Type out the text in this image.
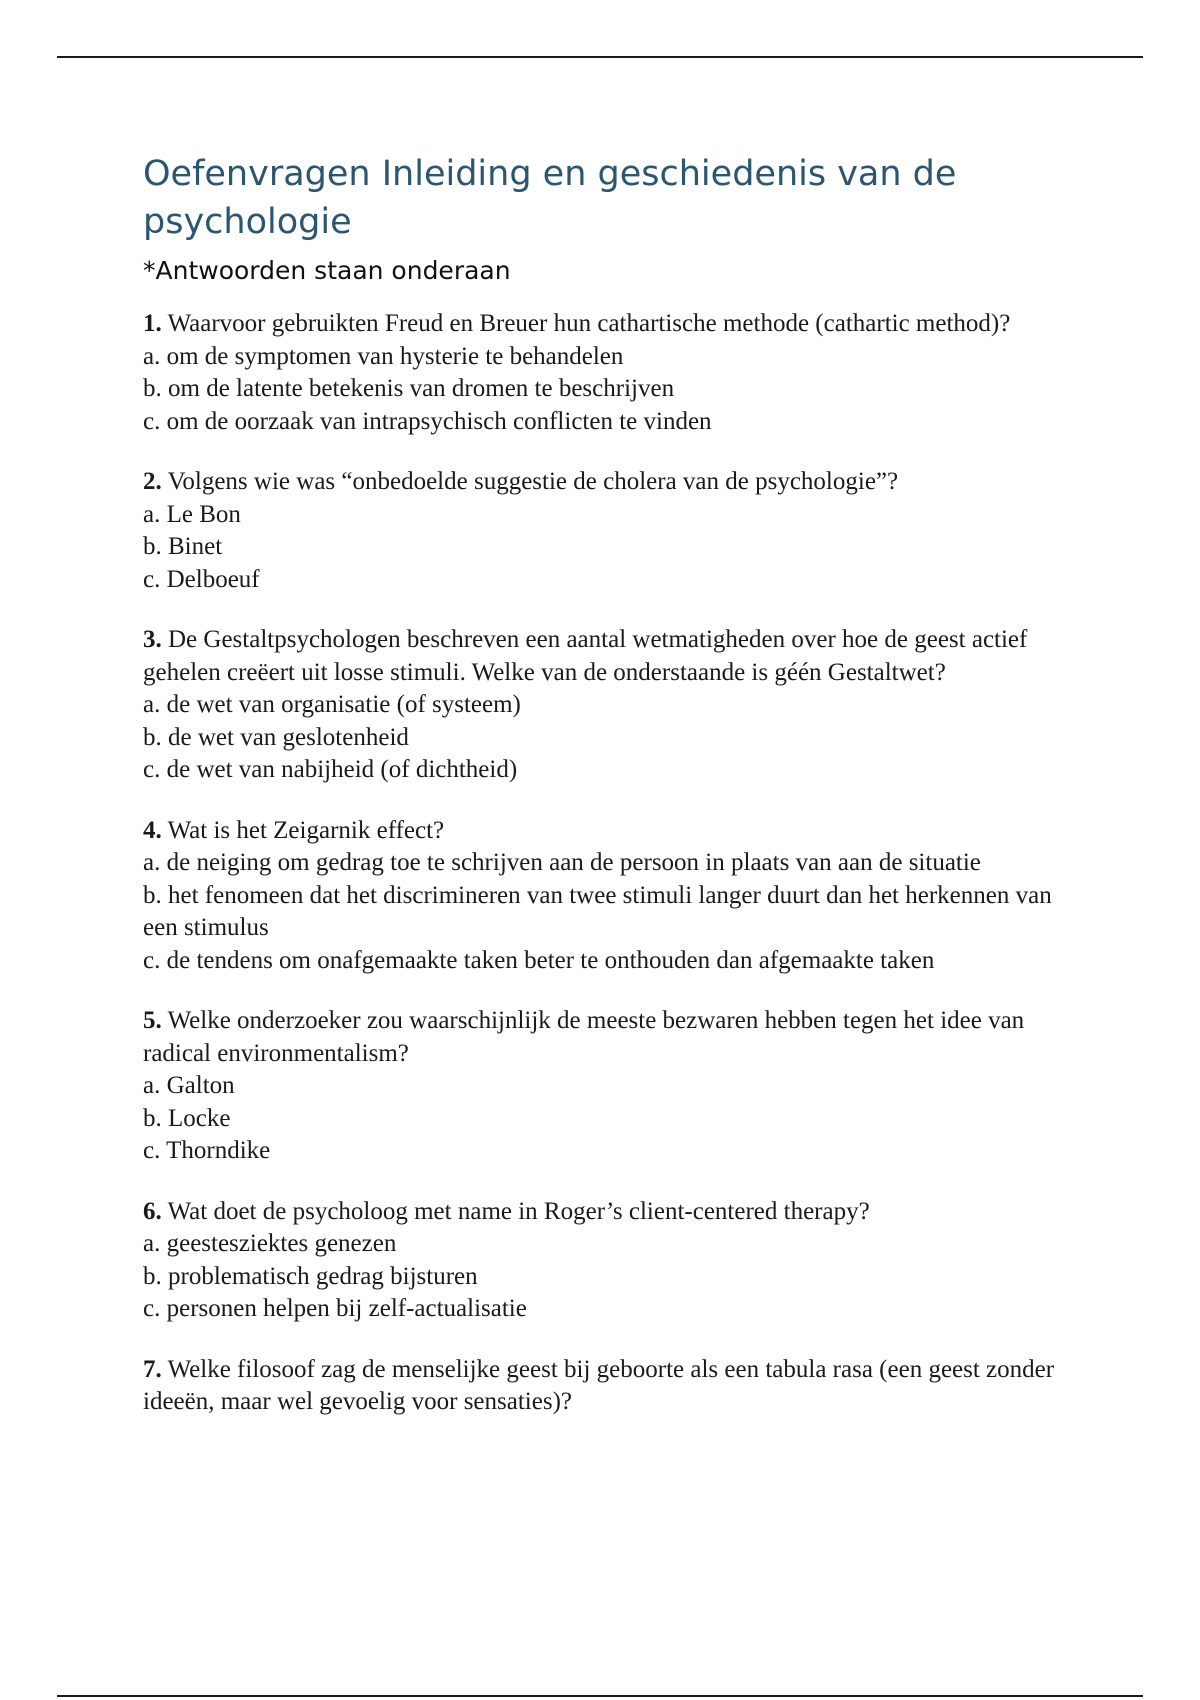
Oefenvragen Inleiding en geschiedenis van de psychologie
*Antwoorden staan onderaan
1. Waarvoor gebruikten Freud en Breuer hun cathartische methode (cathartic method)?
a. om de symptomen van hysterie te behandelen
b. om de latente betekenis van dromen te beschrijven
c. om de oorzaak van intrapsychisch conflicten te vinden
2. Volgens wie was “onbedoelde suggestie de cholera van de psychologie”?
a. Le Bon
b. Binet
c. Delboeuf
3. De Gestaltpsychologen beschreven een aantal wetmatigheden over hoe de geest actief gehelen creëert uit losse stimuli. Welke van de onderstaande is géén Gestaltwet?
a. de wet van organisatie (of systeem)
b. de wet van geslotenheid
c. de wet van nabijheid (of dichtheid)
4. Wat is het Zeigarnik effect?
a. de neiging om gedrag toe te schrijven aan de persoon in plaats van aan de situatie
b. het fenomeen dat het discrimineren van twee stimuli langer duurt dan het herkennen van een stimulus
c. de tendens om onafgemaakte taken beter te onthouden dan afgemaakte taken
5. Welke onderzoeker zou waarschijnlijk de meeste bezwaren hebben tegen het idee van radical environmentalism?
a. Galton
b. Locke
c. Thorndike
6. Wat doet de psycholoog met name in Roger’s client-centered therapy?
a. geestesziektes genezen
b. problematisch gedrag bijsturen
c. personen helpen bij zelf-actualisatie
7. Welke filosoof zag de menselijke geest bij geboorte als een tabula rasa (een geest zonder ideeën, maar wel gevoelig voor sensaties)?
